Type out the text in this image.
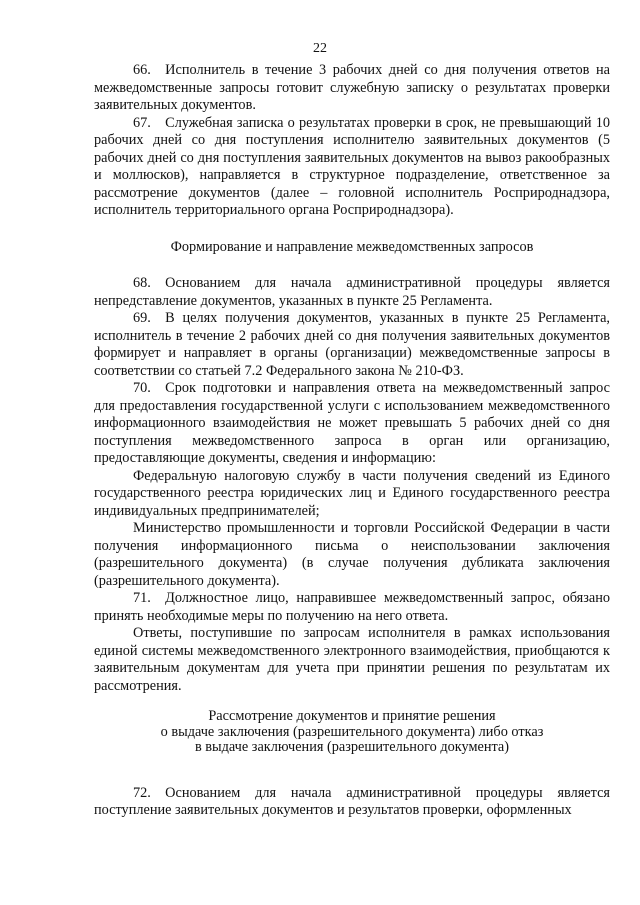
22

66. Исполнитель в течение 3 рабочих дней со дня получения ответов на межведомственные запросы готовит служебную записку о результатах проверки заявительных документов.

67. Служебная записка о результатах проверки в срок, не превышающий 10 рабочих дней со дня поступления исполнителю заявительных документов (5 рабочих дней со дня поступления заявительных документов на вывоз ракообразных и моллюсков), направляется в структурное подразделение, ответственное за рассмотрение документов (далее – головной исполнитель Росприроднадзора, исполнитель территориального органа Росприроднадзора).

Формирование и направление межведомственных запросов

68. Основанием для начала административной процедуры является непредставление документов, указанных в пункте 25 Регламента.

69. В целях получения документов, указанных в пункте 25 Регламента, исполнитель в течение 2 рабочих дней со дня получения заявительных документов формирует и направляет в органы (организации) межведомственные запросы в соответствии со статьей 7.2 Федерального закона № 210-ФЗ.

70. Срок подготовки и направления ответа на межведомственный запрос для предоставления государственной услуги с использованием межведомственного информационного взаимодействия не может превышать 5 рабочих дней со дня поступления межведомственного запроса в орган или организацию, предоставляющие документы, сведения и информацию:

Федеральную налоговую службу в части получения сведений из Единого государственного реестра юридических лиц и Единого государственного реестра индивидуальных предпринимателей;

Министерство промышленности и торговли Российской Федерации в части получения информационного письма о неиспользовании заключения (разрешительного документа) (в случае получения дубликата заключения (разрешительного документа).

71. Должностное лицо, направившее межведомственный запрос, обязано принять необходимые меры по получению на него ответа.

Ответы, поступившие по запросам исполнителя в рамках использования единой системы межведомственного электронного взаимодействия, приобщаются к заявительным документам для учета при принятии решения по результатам их рассмотрения.

Рассмотрение документов и принятие решения
о выдаче заключения (разрешительного документа) либо отказ
в выдаче заключения (разрешительного документа)

72. Основанием для начала административной процедуры является поступление заявительных документов и результатов проверки, оформленных
